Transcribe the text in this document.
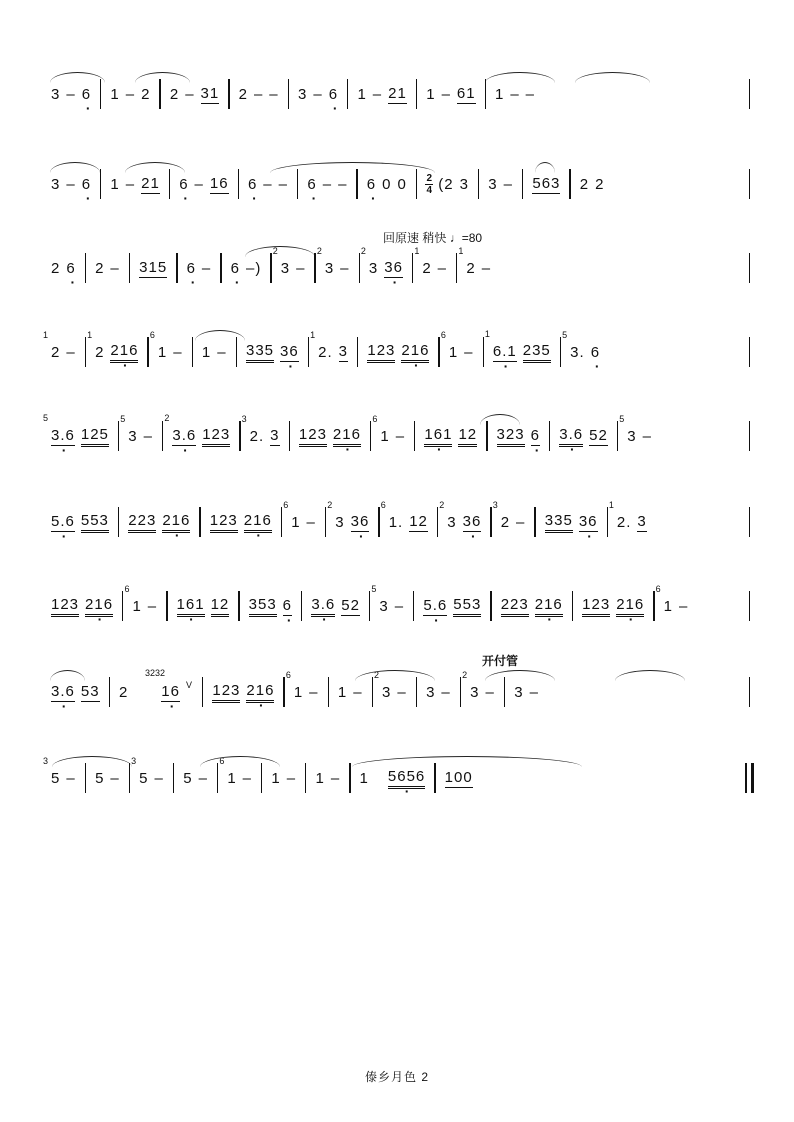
3 – 6 · 1 – 2 2 – 31 2 – – 3 – 6 · 1 – 21 1 – 61 1 – –
3 – 6 · 1 – 21 6 · – 16 6 · – – 6 · – – 6 · 0 0 2
4 (2 3 3 – 563 2 2
回原速 稍快 ♩=80
2 6 · 2 – 315 6 · – 6 · –) 2 3 – 2 3 – 2 3 36 · 1 2 – 1 2 –
1 2 – 1 2 216 · 6 1 – 1 – 335 36 · 1 2. 3 123 216 · 6 1 – 1 6.1 · 235 5 3. 6 ·
5 3.6 · 125 5 3 – 2 3.6 · 123 3 2. 3 123 216 · 6 1 – 161 · 12 323 6 · 3.6 · 52 5 3 –
5.6 · 553 223 216 · 123 216 · 6 1 – 2 3 36 · 6 1. 12 2 3 36 · 3 2 – 335 36 · 1 2. 3
123 216 · 6 1 – 161 · 12 353 6 · 3.6 · 52 5 3 – 5.6 · 553 223 216 · 123 216 · 6 1 –
开付管
3232
3.6 · 53 2 16 · V 123 216 · 6 1 – 1 – 2 3 – 3 – 2 3 – 3 –
3 5 – 5 – 3 5 – 5 – 6 1 – 1 – 1 – 1 5656 · 100
傣乡月色 2
